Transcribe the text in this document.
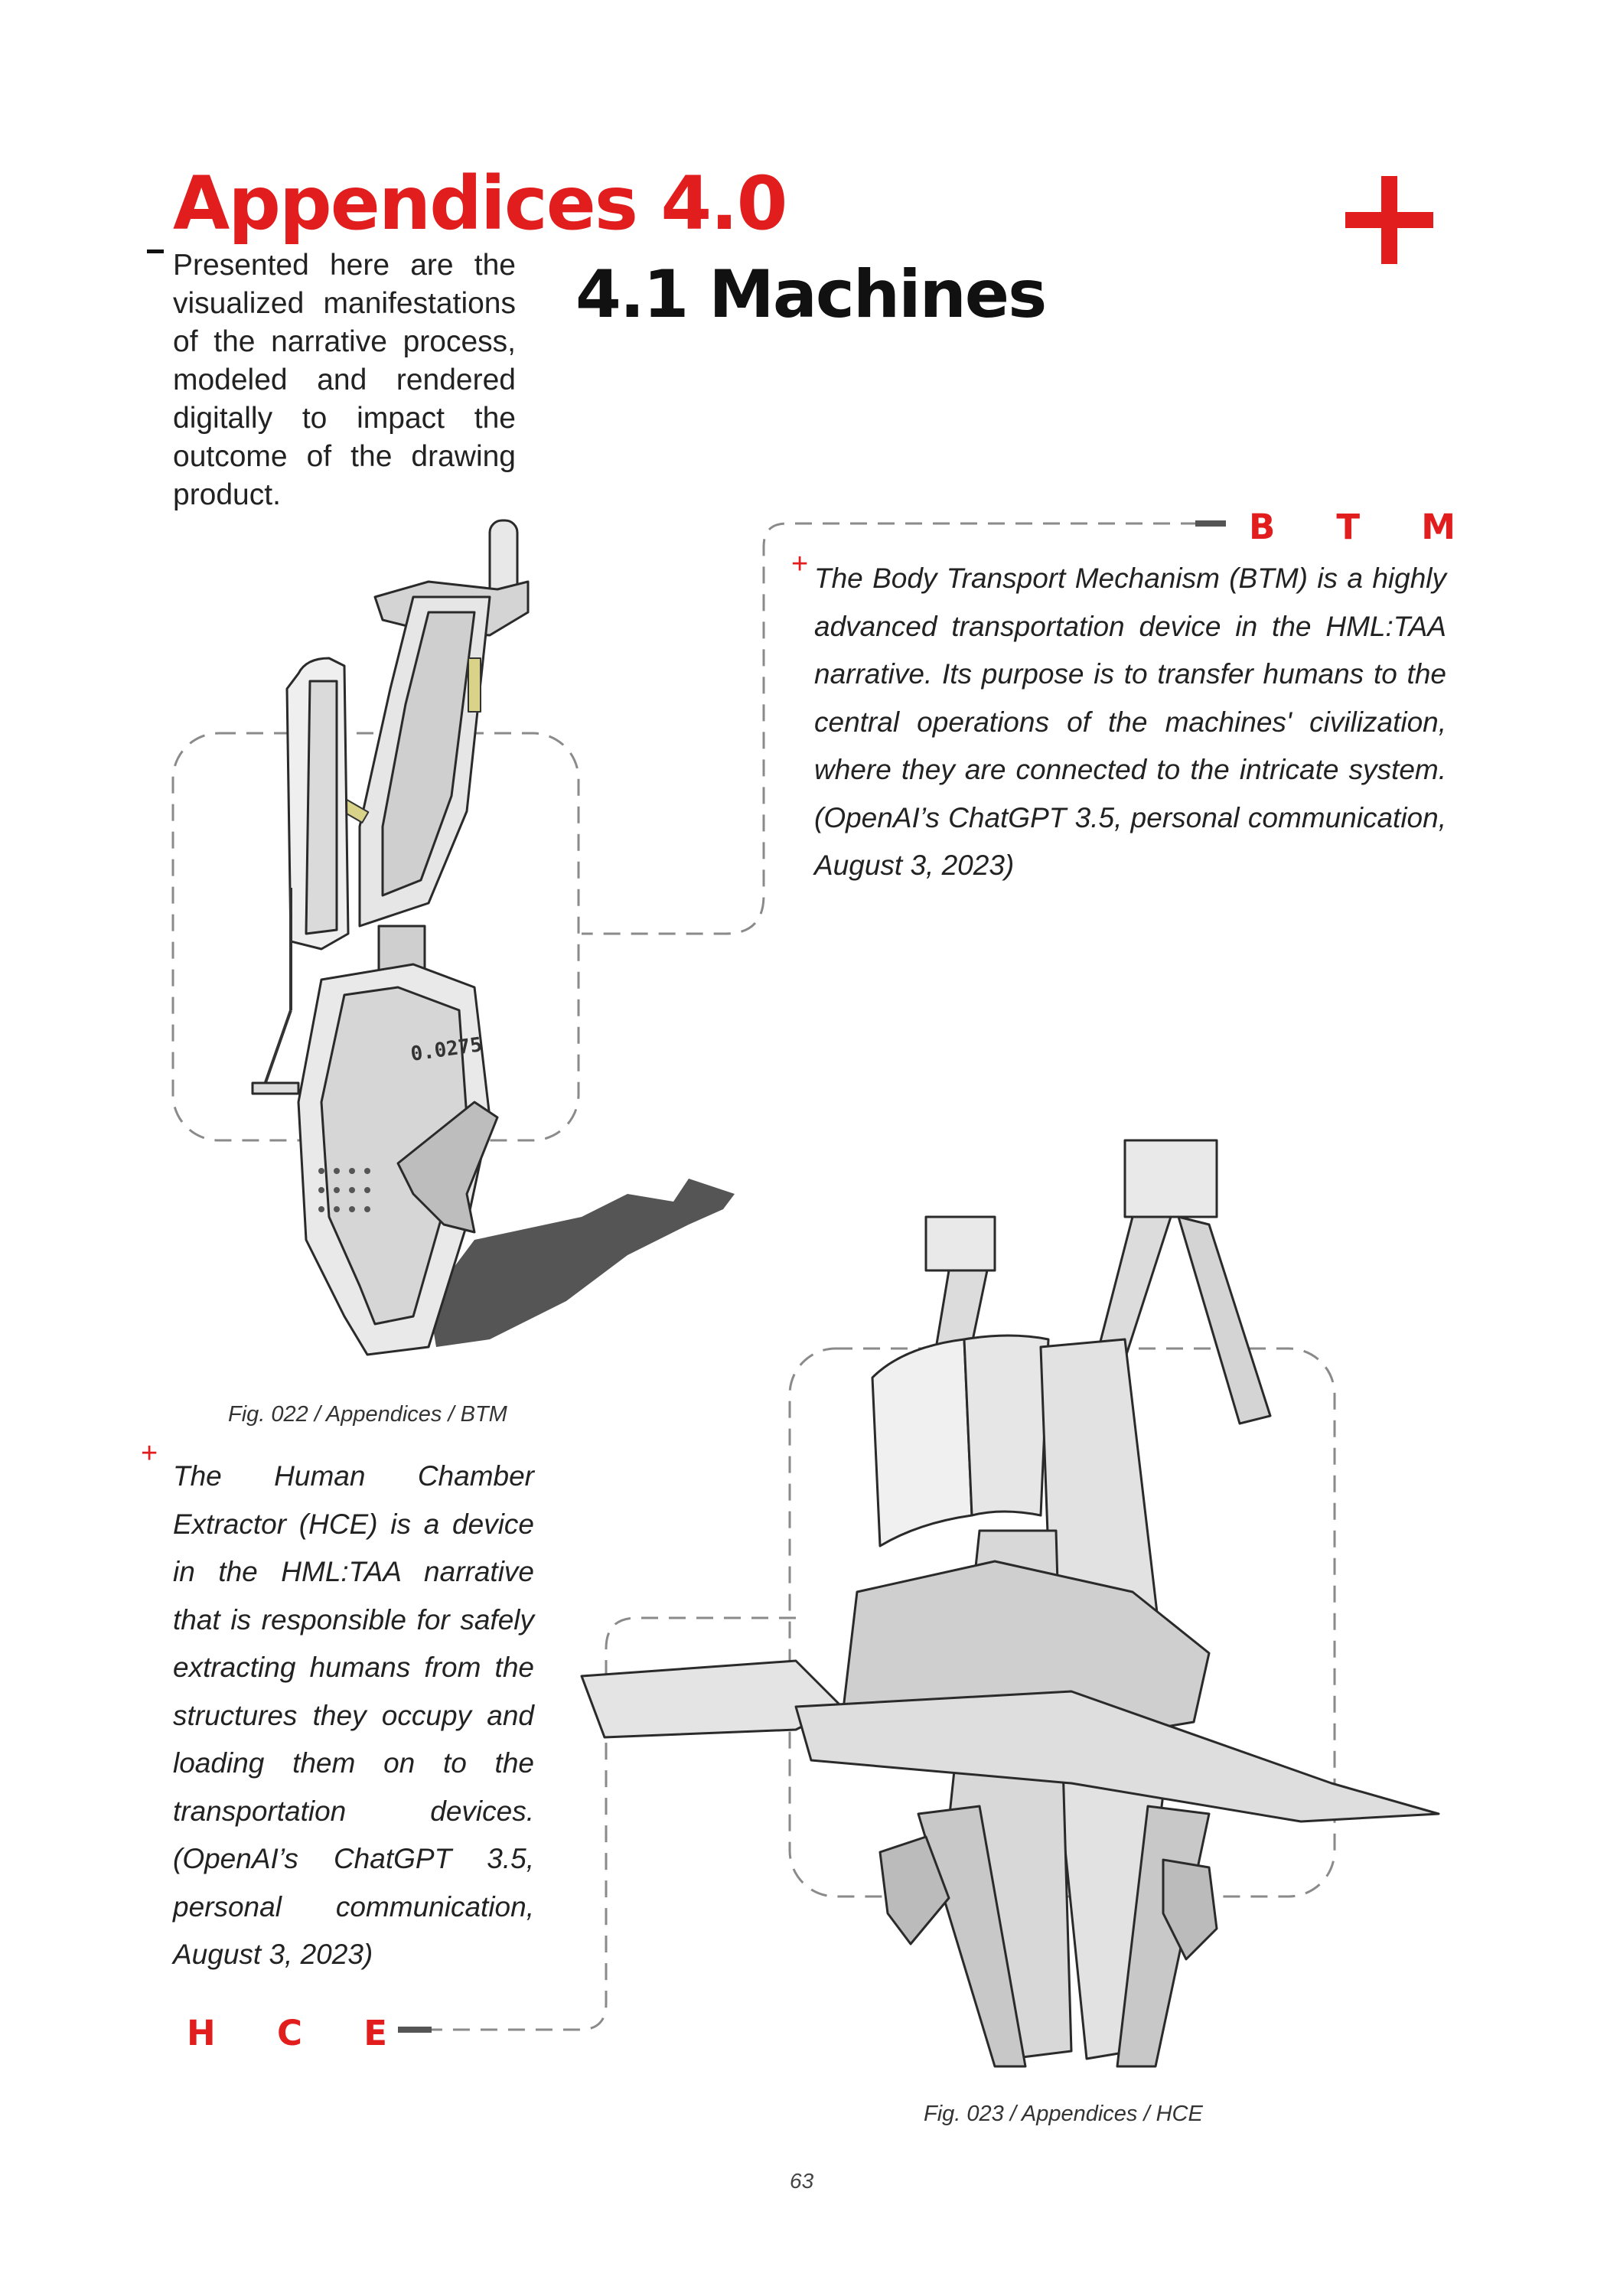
Appendices 4.0
4.1 Machines
+
+
Presented here are the visualized manifestations of the narrative process, modeled and rendered digitally to impact the outcome of the drawing product.
B T M
The Body Transport Mechanism (BTM) is a highly advanced transportation device in the HML:TAA narrative. Its purpose is to transfer humans to the central operations of the machines' civilization, where they are connected to the intricate system. (OpenAI’s ChatGPT 3.5, personal communication, August 3, 2023)
The Human Chamber Extractor (HCE) is a device in the HML:TAA narrative that is responsible for safely extracting humans from the structures they occupy and loading them on to the transportation devices. (OpenAI’s ChatGPT 3.5, personal communication, August 3, 2023)
H C E
Fig. 022 / Appendices / BTM
Fig. 023 / Appendices / HCE
63
0.0275
